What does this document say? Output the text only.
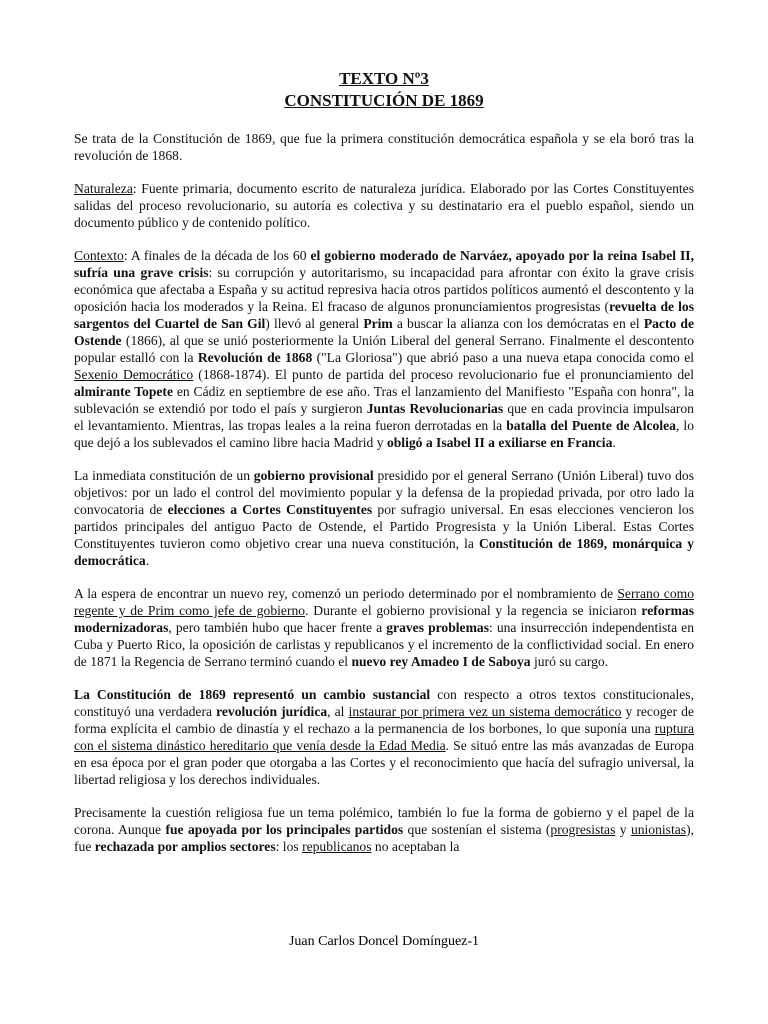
TEXTO Nº3
CONSTITUCIÓN DE 1869

Se trata de la Constitución de 1869, que fue la primera constitución democrática española y se ela boró tras la revolución de 1868.

Naturaleza: Fuente primaria, documento escrito de naturaleza jurídica. Elaborado por las Cortes Constituyentes salidas del proceso revolucionario, su autoría es colectiva y su destinatario era el pueblo español, siendo un documento público y de contenido político.

Contexto: A finales de la década de los 60 el gobierno moderado de Narváez, apoyado por la reina Isabel II, sufría una grave crisis: su corrupción y autoritarismo, su incapacidad para afrontar con éxito la grave crisis económica que afectaba a España y su actitud represiva hacia otros partidos políticos aumentó el descontento y la oposición hacia los moderados y la Reina. El fracaso de algunos pronunciamientos progresistas (revuelta de los sargentos del Cuartel de San Gil) llevó al general Prim a buscar la alianza con los demócratas en el Pacto de Ostende (1866), al que se unió posteriormente la Unión Liberal del general Serrano. Finalmente el descontento popular estalló con la Revolución de 1868 ("La Gloriosa") que abrió paso a una nueva etapa conocida como el Sexenio Democrático (1868-1874). El punto de partida del proceso revolucionario fue el pronunciamiento del almirante Topete en Cádiz en septiembre de ese año. Tras el lanzamiento del Manifiesto "España con honra", la sublevación se extendió por todo el país y surgieron Juntas Revolucionarias que en cada provincia impulsaron el levantamiento. Mientras, las tropas leales a la reina fueron derrotadas en la batalla del Puente de Alcolea, lo que dejó a los sublevados el camino libre hacia Madrid y obligó a Isabel II a exiliarse en Francia.

La inmediata constitución de un gobierno provisional presidido por el general Serrano (Unión Liberal) tuvo dos objetivos: por un lado el control del movimiento popular y la defensa de la propiedad privada, por otro lado la convocatoria de elecciones a Cortes Constituyentes por sufragio universal. En esas elecciones vencieron los partidos principales del antiguo Pacto de Ostende, el Partido Progresista y la Unión Liberal. Estas Cortes Constituyentes tuvieron como objetivo crear una nueva constitución, la Constitución de 1869, monárquica y democrática.

A la espera de encontrar un nuevo rey, comenzó un periodo determinado por el nombramiento de Serrano como regente y de Prim como jefe de gobierno. Durante el gobierno provisional y la regencia se iniciaron reformas modernizadoras, pero también hubo que hacer frente a graves problemas: una insurrección independentista en Cuba y Puerto Rico, la oposición de carlistas y republicanos y el incremento de la conflictividad social. En enero de 1871 la Regencia de Serrano terminó cuando el nuevo rey Amadeo I de Saboya juró su cargo.

La Constitución de 1869 representó un cambio sustancial con respecto a otros textos constitucionales, constituyó una verdadera revolución jurídica, al instaurar por primera vez un sistema democrático y recoger de forma explícita el cambio de dinastía y el rechazo a la permanencia de los borbones, lo que suponía una ruptura con el sistema dinástico hereditario que venía desde la Edad Media. Se situó entre las más avanzadas de Europa en esa época por el gran poder que otorgaba a las Cortes y el reconocimiento que hacía del sufragio universal, la libertad religiosa y los derechos individuales.

Precisamente la cuestión religiosa fue un tema polémico, también lo fue la forma de gobierno y el papel de la corona. Aunque fue apoyada por los principales partidos que sostenían el sistema (progresistas y unionistas), fue rechazada por amplios sectores: los republicanos no aceptaban la

Juan Carlos Doncel Domínguez-1
